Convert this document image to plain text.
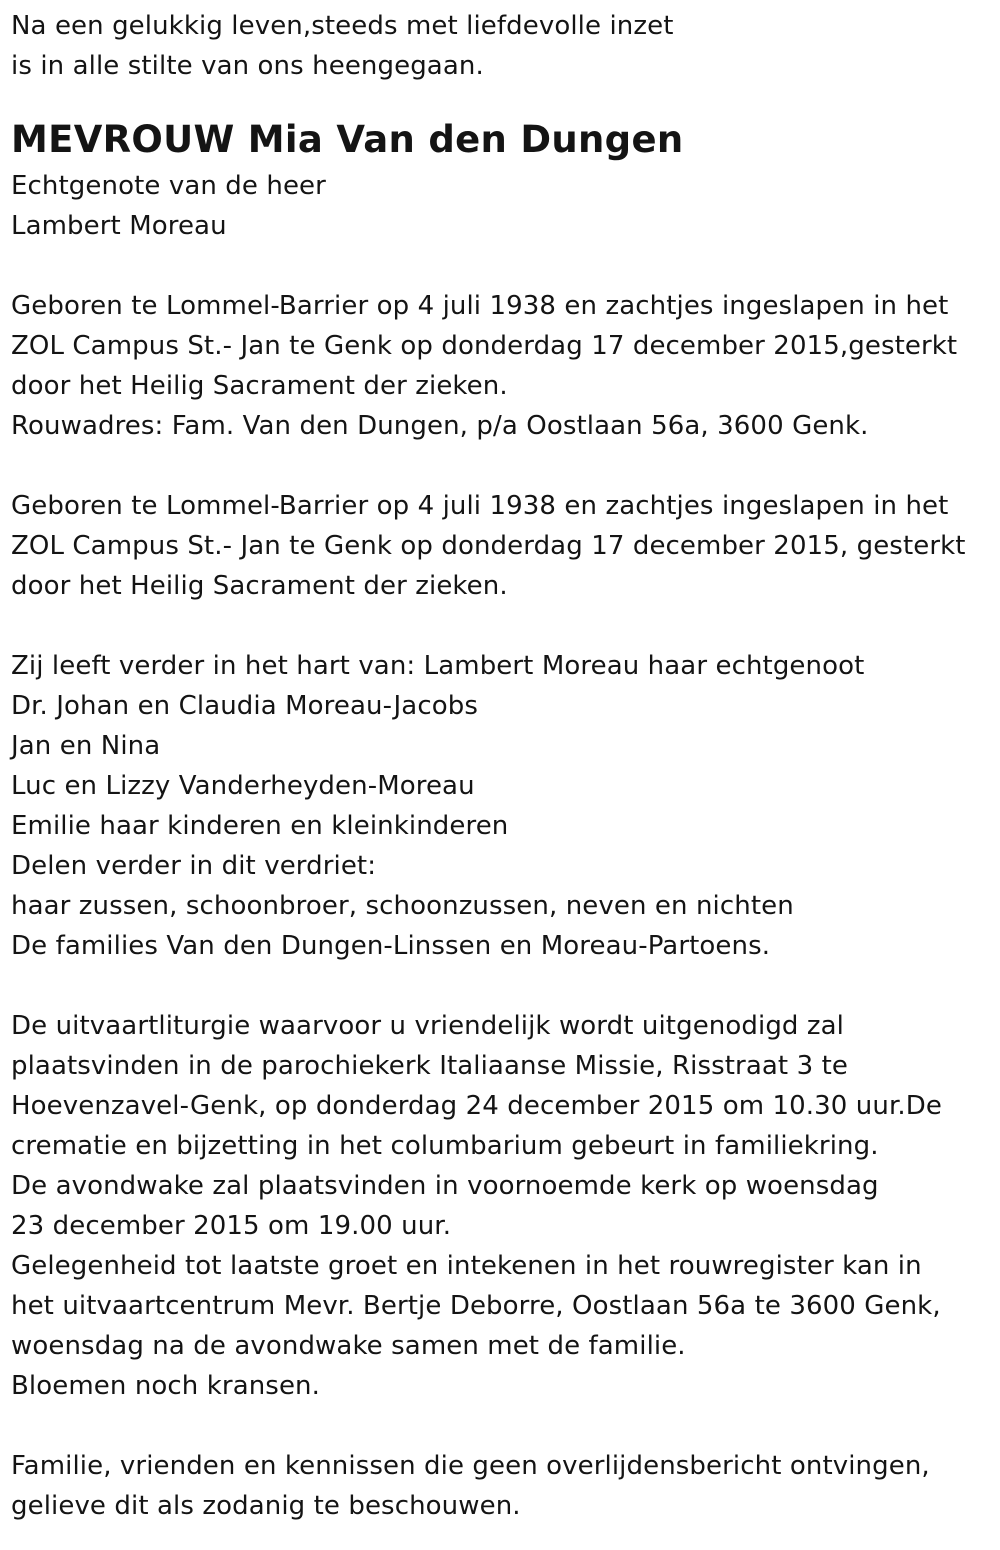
Na een gelukkig leven,steeds met liefdevolle inzet
is in alle stilte van ons heengegaan.
MEVROUW Mia Van den Dungen
Echtgenote van de heer
Lambert Moreau
Geboren te Lommel-Barrier op 4 juli 1938 en zachtjes ingeslapen in het
ZOL Campus St.- Jan te Genk op donderdag 17 december 2015,gesterkt
door het Heilig Sacrament der zieken.
Rouwadres: Fam. Van den Dungen, p/a Oostlaan 56a, 3600 Genk.
Geboren te Lommel-Barrier op 4 juli 1938 en zachtjes ingeslapen in het
ZOL Campus St.- Jan te Genk op donderdag 17 december 2015, gesterkt
door het Heilig Sacrament der zieken.
Zij leeft verder in het hart van: Lambert Moreau haar echtgenoot
Dr. Johan en Claudia Moreau-Jacobs
Jan en Nina
Luc en Lizzy Vanderheyden-Moreau
Emilie haar kinderen en kleinkinderen
Delen verder in dit verdriet:
haar zussen, schoonbroer, schoonzussen, neven en nichten
De families Van den Dungen-Linssen en Moreau-Partoens.
De uitvaartliturgie waarvoor u vriendelijk wordt uitgenodigd zal
plaatsvinden in de parochiekerk Italiaanse Missie, Risstraat 3 te
Hoevenzavel-Genk, op donderdag 24 december 2015 om 10.30 uur.De
crematie en bijzetting in het columbarium gebeurt in familiekring.
De avondwake zal plaatsvinden in voornoemde kerk op woensdag
23 december 2015 om 19.00 uur.
Gelegenheid tot laatste groet en intekenen in het rouwregister kan in
het uitvaartcentrum Mevr. Bertje Deborre, Oostlaan 56a te 3600 Genk,
woensdag na de avondwake samen met de familie.
Bloemen noch kransen.
Familie, vrienden en kennissen die geen overlijdensbericht ontvingen,
gelieve dit als zodanig te beschouwen.
